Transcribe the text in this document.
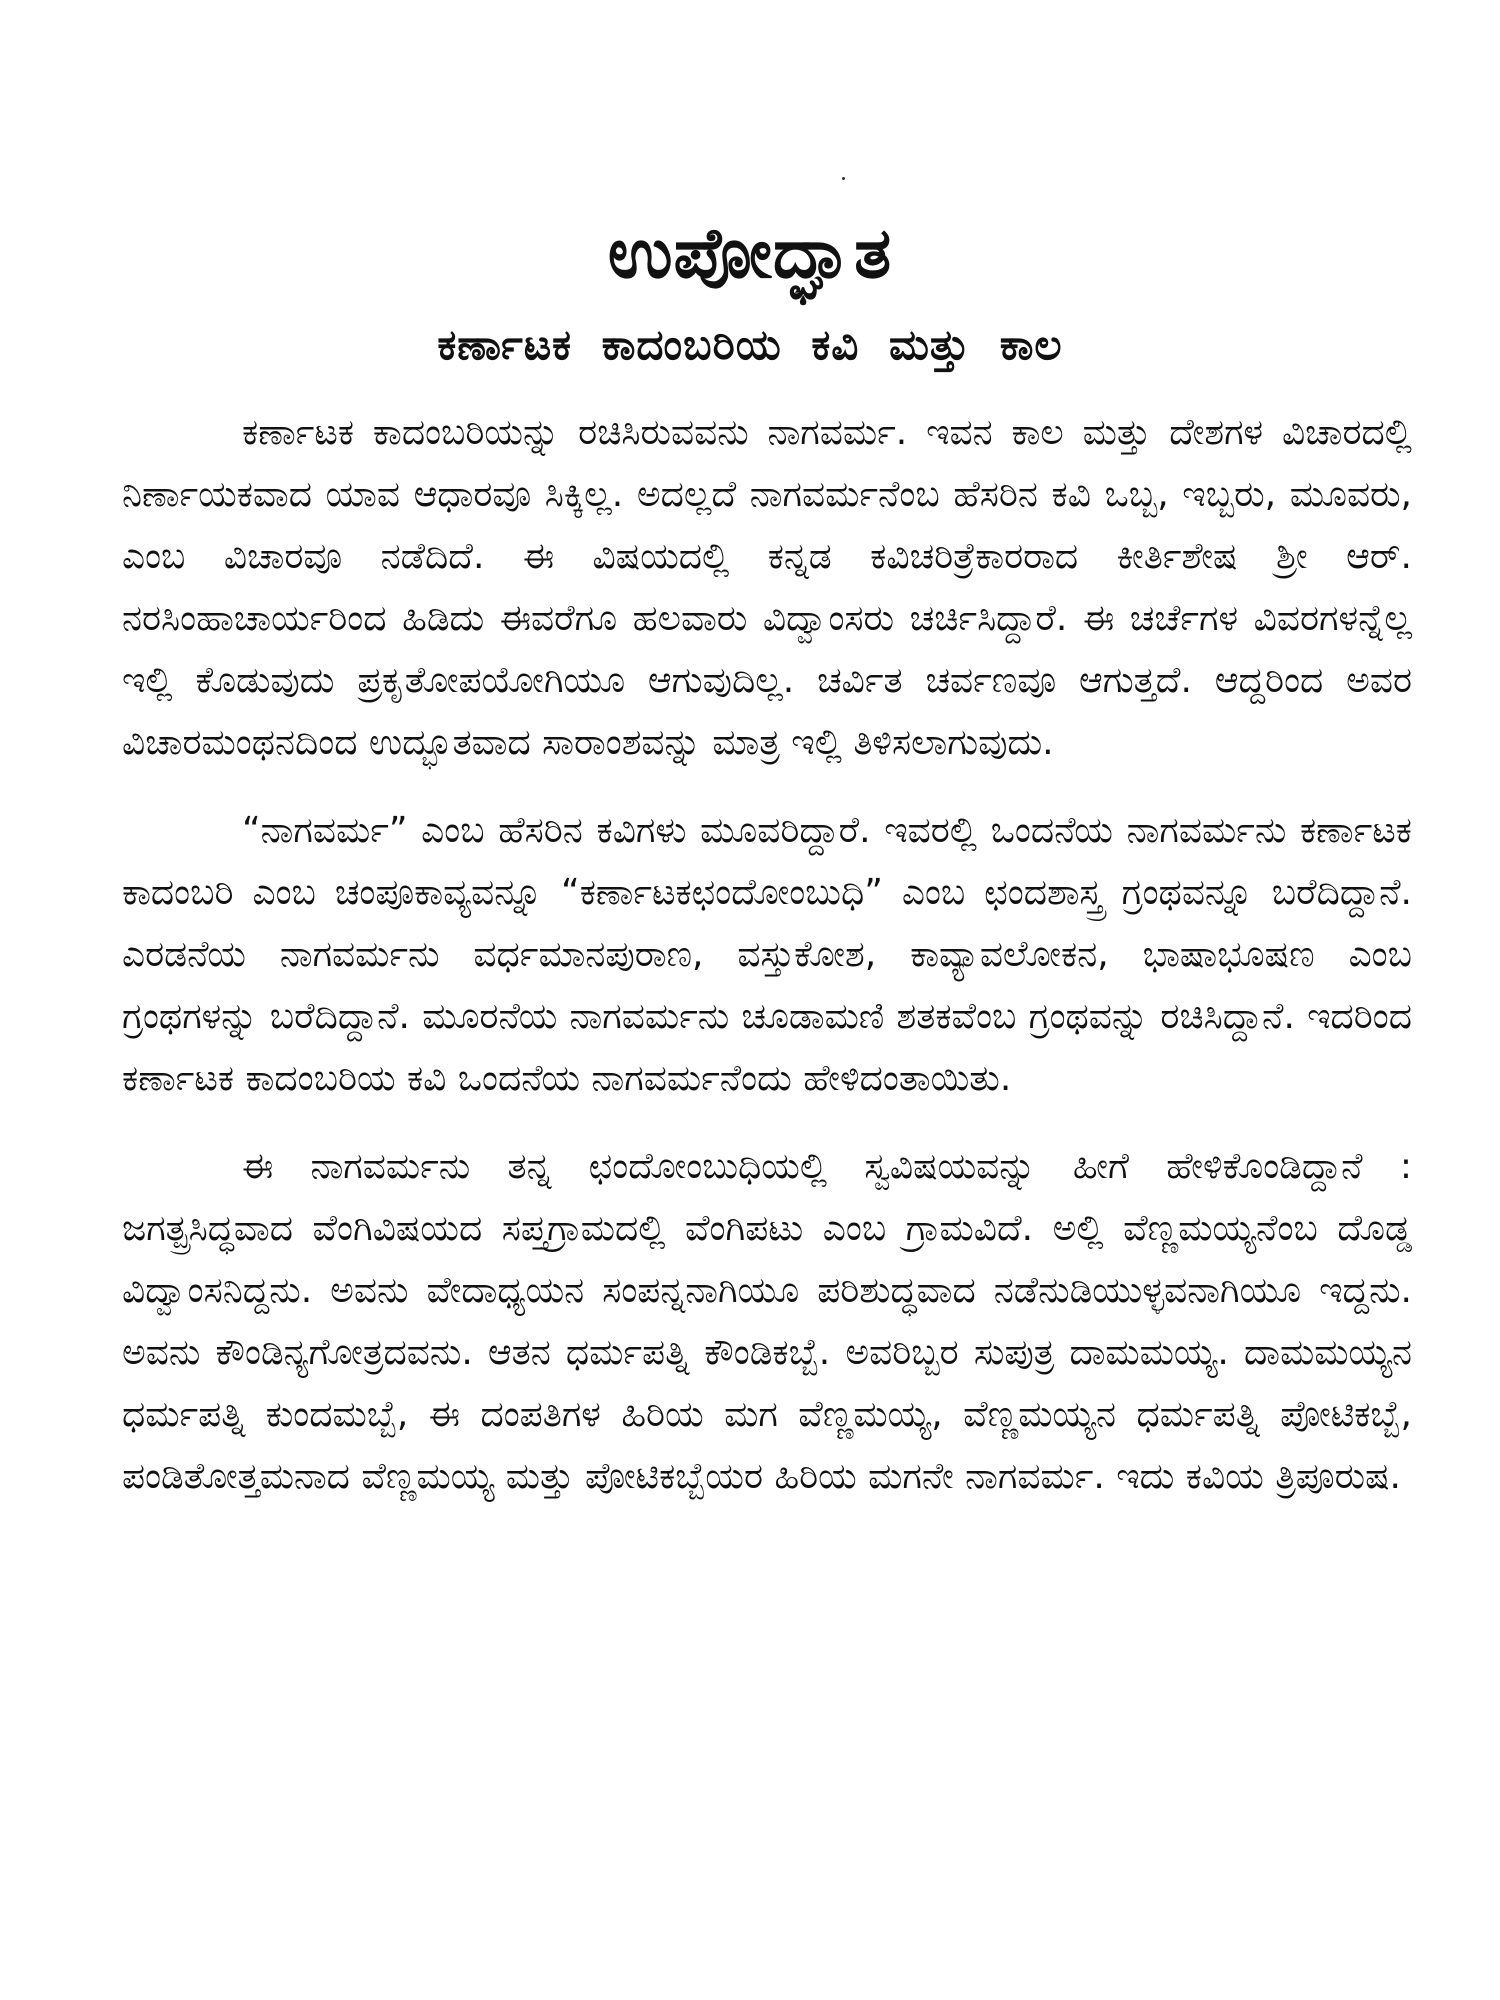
ಉಪೋದ್ಘಾತ
ಕರ್ಣಾಟಕ ಕಾದಂಬರಿಯ ಕವಿ ಮತ್ತು ಕಾಲ

ಕರ್ಣಾಟಕ ಕಾದಂಬರಿಯನ್ನು ರಚಿಸಿರುವವನು ನಾಗವರ್ಮ. ಇವನ ಕಾಲ ಮತ್ತು ದೇಶಗಳ ವಿಚಾರದಲ್ಲಿ ನಿರ್ಣಾಯಕವಾದ ಯಾವ ಆಧಾರವೂ ಸಿಕ್ಕಿಲ್ಲ. ಅದಲ್ಲದೆ ನಾಗವರ್ಮನೆಂಬ ಹೆಸರಿನ ಕವಿ ಒಬ್ಬ, ಇಬ್ಬರು, ಮೂವರು, ಎಂಬ ವಿಚಾರವೂ ನಡೆದಿದೆ. ಈ ವಿಷಯದಲ್ಲಿ ಕನ್ನಡ ಕವಿಚರಿತ್ರೆಕಾರರಾದ ಕೀರ್ತಿಶೇಷ ಶ್ರೀ ಆರ್. ನರಸಿಂಹಾಚಾರ್ಯರಿಂದ ಹಿಡಿದು ಈವರೆಗೂ ಹಲವಾರು ವಿದ್ವಾಂಸರು ಚರ್ಚಿಸಿದ್ದಾರೆ. ಈ ಚರ್ಚೆಗಳ ವಿವರಗಳನ್ನೆಲ್ಲ ಇಲ್ಲಿ ಕೊಡುವುದು ಪ್ರಕೃತೋಪಯೋಗಿಯೂ ಆಗುವುದಿಲ್ಲ. ಚರ್ವಿತ ಚರ್ವಣವೂ ಆಗುತ್ತದೆ. ಆದ್ದರಿಂದ ಅವರ ವಿಚಾರಮಂಥನದಿಂದ ಉದ್ಭೂತವಾದ ಸಾರಾಂಶವನ್ನು ಮಾತ್ರ ಇಲ್ಲಿ ತಿಳಿಸಲಾಗುವುದು.

“ನಾಗವರ್ಮ” ಎಂಬ ಹೆಸರಿನ ಕವಿಗಳು ಮೂವರಿದ್ದಾರೆ. ಇವರಲ್ಲಿ ಒಂದನೆಯ ನಾಗವರ್ಮನು ಕರ್ಣಾಟಕ ಕಾದಂಬರಿ ಎಂಬ ಚಂಪೂಕಾವ್ಯವನ್ನೂ “ಕರ್ಣಾಟಕಛಂದೋಂಬುಧಿ” ಎಂಬ ಛಂದಶಾಸ್ತ್ರ ಗ್ರಂಥವನ್ನೂ ಬರೆದಿದ್ದಾನೆ. ಎರಡನೆಯ ನಾಗವರ್ಮನು ವರ್ಧಮಾನಪುರಾಣ, ವಸ್ತುಕೋಶ, ಕಾವ್ಯಾವಲೋಕನ, ಭಾಷಾಭೂಷಣ ಎಂಬ ಗ್ರಂಥಗಳನ್ನು ಬರೆದಿದ್ದಾನೆ. ಮೂರನೆಯ ನಾಗವರ್ಮನು ಚೂಡಾಮಣಿ ಶತಕವೆಂಬ ಗ್ರಂಥವನ್ನು ರಚಿಸಿದ್ದಾನೆ. ಇದರಿಂದ ಕರ್ಣಾಟಕ ಕಾದಂಬರಿಯ ಕವಿ ಒಂದನೆಯ ನಾಗವರ್ಮನೆಂದು ಹೇಳಿದಂತಾಯಿತು.

ಈ ನಾಗವರ್ಮನು ತನ್ನ ಛಂದೋಂಬುಧಿಯಲ್ಲಿ ಸ್ವವಿಷಯವನ್ನು ಹೀಗೆ ಹೇಳಿಕೊಂಡಿದ್ದಾನೆ : ಜಗತ್ಪ್ರಸಿದ್ಧವಾದ ವೆಂಗಿವಿಷಯದ ಸಪ್ತಗ್ರಾಮದಲ್ಲಿ ವೆಂಗಿಪಟು ಎಂಬ ಗ್ರಾಮವಿದೆ. ಅಲ್ಲಿ ವೆಣ್ಣಮಯ್ಯನೆಂಬ ದೊಡ್ಡ ವಿದ್ವಾಂಸನಿದ್ದನು. ಅವನು ವೇದಾಧ್ಯಯನ ಸಂಪನ್ನನಾಗಿಯೂ ಪರಿಶುದ್ಧವಾದ ನಡೆನುಡಿಯುಳ್ಳವನಾಗಿಯೂ ಇದ್ದನು. ಅವನು ಕೌಂಡಿನ್ಯಗೋತ್ರದವನು. ಆತನ ಧರ್ಮಪತ್ನಿ ಕೌಂಡಿಕಬ್ಬೆ. ಅವರಿಬ್ಬರ ಸುಪುತ್ರ ದಾಮಮಯ್ಯ. ದಾಮಮಯ್ಯನ ಧರ್ಮಪತ್ನಿ ಕುಂದಮಬ್ಬೆ, ಈ ದಂಪತಿಗಳ ಹಿರಿಯ ಮಗ ವೆಣ್ಣಮಯ್ಯ, ವೆಣ್ಣಮಯ್ಯನ ಧರ್ಮಪತ್ನಿ ಪೋಟಿಕಬ್ಬೆ, ಪಂಡಿತೋತ್ತಮನಾದ ವೆಣ್ಣಮಯ್ಯ ಮತ್ತು ಪೋಟಿಕಬ್ಬೆಯರ ಹಿರಿಯ ಮಗನೇ ನಾಗವರ್ಮ. ಇದು ಕವಿಯ ತ್ರಿಪೂರುಷ.
